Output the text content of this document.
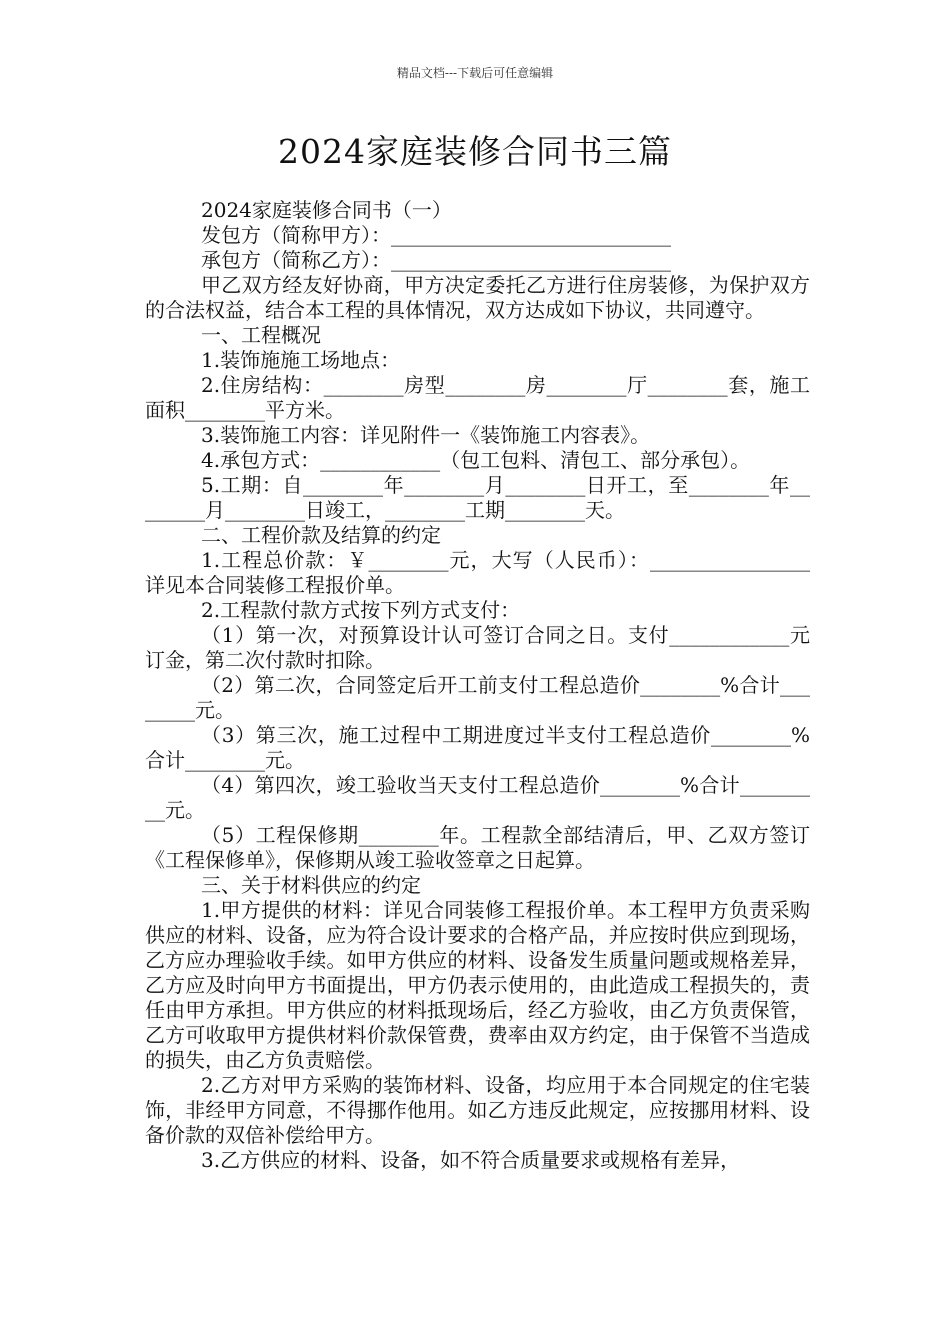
精品文档---下载后可任意编辑
2024家庭装修合同书三篇

2024家庭装修合同书（一）

发包方（简称甲方）：____________________________

承包方（简称乙方）：____________________________

甲乙双方经友好协商，甲方决定委托乙方进行住房装修，为保护双方的合法权益，结合本工程的具体情况，双方达成如下协议，共同遵守。

一、工程概况

1.装饰施施工场地点：

2.住房结构：________房型________房________厅________套，施工面积________平方米。

3.装饰施工内容：详见附件一《装饰施工内容表》。

4.承包方式：____________（包工包料、清包工、部分承包）。

5.工期：自________年________月________日开工，至________年________月________日竣工，________工期________天。

二、工程价款及结算的约定

1.工程总价款：￥________元，大写（人民币）：________________详见本合同装修工程报价单。

2.工程款付款方式按下列方式支付：

（1）第一次，对预算设计认可签订合同之日。支付____________元订金，第二次付款时扣除。

（2）第二次，合同签定后开工前支付工程总造价________%合计________元。

（3）第三次，施工过程中工期进度过半支付工程总造价________%合计________元。

（4）第四次，竣工验收当天支付工程总造价________%合计_________元。

（5）工程保修期________年。工程款全部结清后，甲、乙双方签订《工程保修单》，保修期从竣工验收签章之日起算。

三、关于材料供应的约定

1.甲方提供的材料：详见合同装修工程报价单。本工程甲方负责采购供应的材料、设备，应为符合设计要求的合格产品，并应按时供应到现场，乙方应办理验收手续。如甲方供应的材料、设备发生质量问题或规格差异，乙方应及时向甲方书面提出，甲方仍表示使用的，由此造成工程损失的，责任由甲方承担。甲方供应的材料抵现场后，经乙方验收，由乙方负责保管，乙方可收取甲方提供材料价款保管费，费率由双方约定，由于保管不当造成的损失，由乙方负责赔偿。

2.乙方对甲方采购的装饰材料、设备，均应用于本合同规定的住宅装饰，非经甲方同意，不得挪作他用。如乙方违反此规定，应按挪用材料、设备价款的双倍补偿给甲方。

3.乙方供应的材料、设备，如不符合质量要求或规格有差异，
